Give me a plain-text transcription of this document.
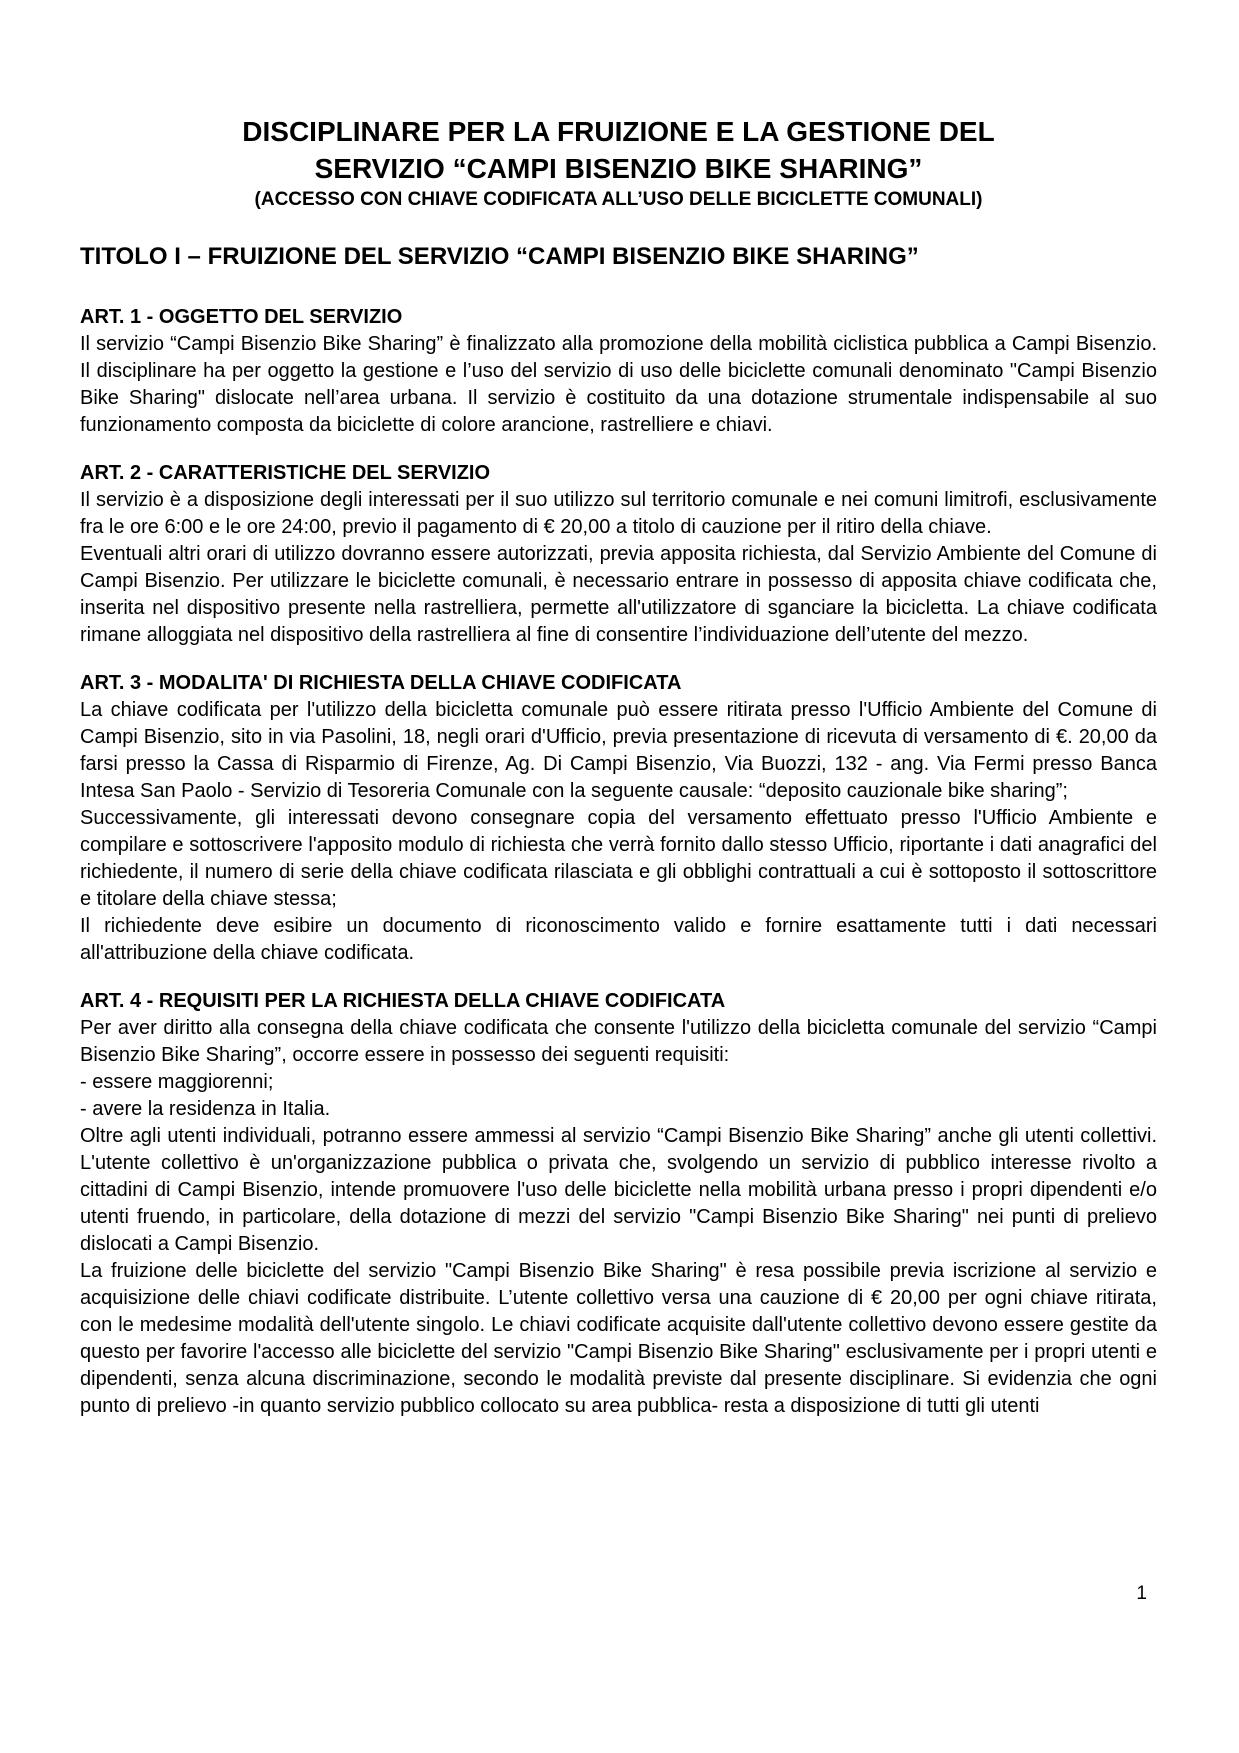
DISCIPLINARE PER LA FRUIZIONE E LA GESTIONE DEL
SERVIZIO “CAMPI BISENZIO BIKE SHARING”
(ACCESSO CON CHIAVE CODIFICATA ALL’USO DELLE BICICLETTE COMUNALI)
TITOLO I – FRUIZIONE DEL SERVIZIO “CAMPI BISENZIO BIKE SHARING”
ART. 1 - OGGETTO DEL SERVIZIO

Il servizio “Campi Bisenzio Bike Sharing” è finalizzato alla promozione della mobilità ciclistica pubblica a Campi Bisenzio. Il disciplinare ha per oggetto la gestione e l’uso del servizio di uso delle biciclette comunali denominato "Campi Bisenzio Bike Sharing" dislocate nell’area urbana. Il servizio è costituito da una dotazione strumentale indispensabile al suo funzionamento composta da biciclette di colore arancione, rastrelliere e chiavi.

ART. 2 - CARATTERISTICHE DEL SERVIZIO

Il servizio è a disposizione degli interessati per il suo utilizzo sul territorio comunale e nei comuni limitrofi, esclusivamente fra le ore 6:00 e le ore 24:00, previo il pagamento di € 20,00 a titolo di cauzione per il ritiro della chiave.

Eventuali altri orari di utilizzo dovranno essere autorizzati, previa apposita richiesta, dal Servizio Ambiente del Comune di Campi Bisenzio. Per utilizzare le biciclette comunali, è necessario entrare in possesso di apposita chiave codificata che, inserita nel dispositivo presente nella rastrelliera, permette all'utilizzatore di sganciare la bicicletta. La chiave codificata rimane alloggiata nel dispositivo della rastrelliera al fine di consentire l’individuazione dell’utente del mezzo.

ART. 3 - MODALITA' DI RICHIESTA DELLA CHIAVE CODIFICATA

La chiave codificata per l'utilizzo della bicicletta comunale può essere ritirata presso l'Ufficio Ambiente del Comune di Campi Bisenzio, sito in via Pasolini, 18, negli orari d'Ufficio, previa presentazione di ricevuta di versamento di €. 20,00 da farsi presso la Cassa di Risparmio di Firenze, Ag. Di Campi Bisenzio, Via Buozzi, 132 - ang. Via Fermi presso Banca Intesa San Paolo - Servizio di Tesoreria Comunale con la seguente causale: “deposito cauzionale bike sharing”;

Successivamente, gli interessati devono consegnare copia del versamento effettuato presso l'Ufficio Ambiente e compilare e sottoscrivere l'apposito modulo di richiesta che verrà fornito dallo stesso Ufficio, riportante i dati anagrafici del richiedente, il numero di serie della chiave codificata rilasciata e gli obblighi contrattuali a cui è sottoposto il sottoscrittore e titolare della chiave stessa;

Il richiedente deve esibire un documento di riconoscimento valido e fornire esattamente tutti i dati necessari all'attribuzione della chiave codificata.

ART. 4 - REQUISITI PER LA RICHIESTA DELLA CHIAVE CODIFICATA

Per aver diritto alla consegna della chiave codificata che consente l'utilizzo della bicicletta comunale del servizio “Campi Bisenzio Bike Sharing”, occorre essere in possesso dei seguenti requisiti:

- essere maggiorenni;

- avere la residenza in Italia.

Oltre agli utenti individuali, potranno essere ammessi al servizio “Campi Bisenzio Bike Sharing” anche gli utenti collettivi. L'utente collettivo è un'organizzazione pubblica o privata che, svolgendo un servizio di pubblico interesse rivolto a cittadini di Campi Bisenzio, intende promuovere l'uso delle biciclette nella mobilità urbana presso i propri dipendenti e/o utenti fruendo, in particolare, della dotazione di mezzi del servizio "Campi Bisenzio Bike Sharing" nei punti di prelievo dislocati a Campi Bisenzio.

La fruizione delle biciclette del servizio "Campi Bisenzio Bike Sharing" è resa possibile previa iscrizione al servizio e acquisizione delle chiavi codificate distribuite. L’utente collettivo versa una cauzione di € 20,00 per ogni chiave ritirata, con le medesime modalità dell'utente singolo. Le chiavi codificate acquisite dall'utente collettivo devono essere gestite da questo per favorire l'accesso alle biciclette del servizio "Campi Bisenzio Bike Sharing" esclusivamente per i propri utenti e dipendenti, senza alcuna discriminazione, secondo le modalità previste dal presente disciplinare. Si evidenzia che ogni punto di prelievo -in quanto servizio pubblico collocato su area pubblica- resta a disposizione di tutti gli utenti

1
